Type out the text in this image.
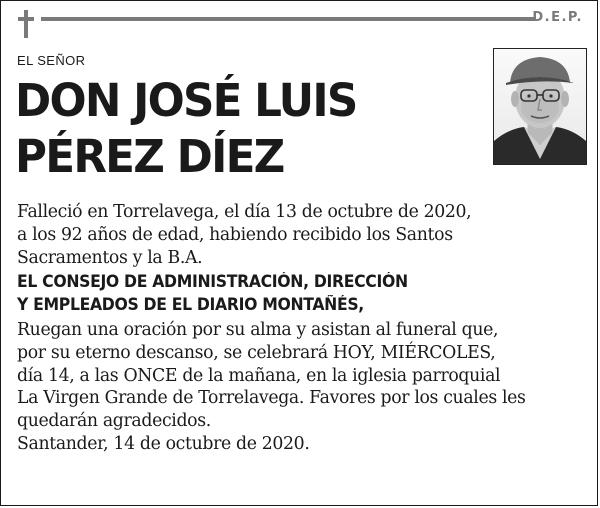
D.E.P.
EL SEÑOR
DON JOSÉ LUIS
PÉREZ DÍEZ
Falleció en Torrelavega, el día 13 de octubre de 2020,
a los 92 años de edad, habiendo recibido los Santos
Sacramentos y la B.A.
EL CONSEJO DE ADMINISTRACIÓN, DIRECCIÓN
Y EMPLEADOS DE EL DIARIO MONTAÑÉS,
Ruegan una oración por su alma y asistan al funeral que,
por su eterno descanso, se celebrará HOY, MIÉRCOLES,
día 14, a las ONCE de la mañana, en la iglesia parroquial
La Virgen Grande de Torrelavega. Favores por los cuales les
quedarán agradecidos.
Santander, 14 de octubre de 2020.
